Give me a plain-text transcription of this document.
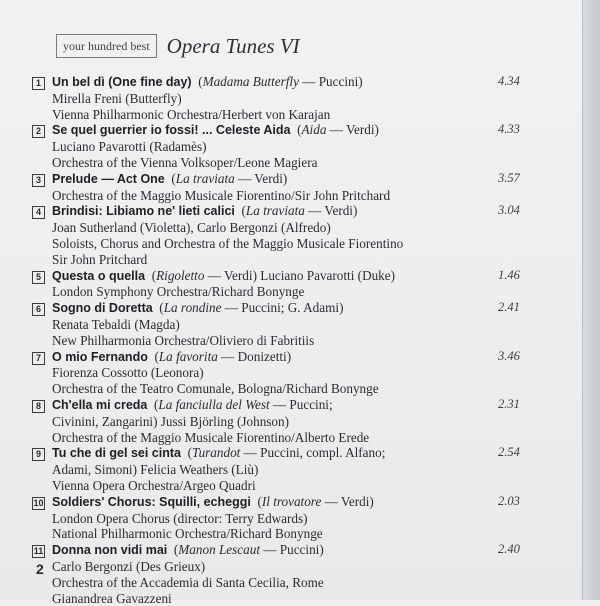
your hundred best Opera Tunes VI
1 Un bel dì (One fine day)  (Madama Butterfly — Puccini)	4.34
Mirella Freni (Butterfly)
Vienna Philharmonic Orchestra/Herbert von Karajan
2 Se quel guerrier io fossi! ... Celeste Aida  (Aida — Verdi)	4.33
Luciano Pavarotti (Radamès)
Orchestra of the Vienna Volksoper/Leone Magiera
3 Prelude — Act One  (La traviata — Verdi)	3.57
Orchestra of the Maggio Musicale Fiorentino/Sir John Pritchard
4 Brindisi: Libiamo ne' lieti calici  (La traviata — Verdi)	3.04
Joan Sutherland (Violetta), Carlo Bergonzi (Alfredo)
Soloists, Chorus and Orchestra of the Maggio Musicale Fiorentino
Sir John Pritchard
5 Questa o quella  (Rigoletto — Verdi) Luciano Pavarotti (Duke)	1.46
London Symphony Orchestra/Richard Bonynge
6 Sogno di Doretta  (La rondine — Puccini; G. Adami)	2.41
Renata Tebaldi (Magda)
New Philharmonia Orchestra/Oliviero di Fabritiis
7 O mio Fernando  (La favorita — Donizetti)	3.46
Fiorenza Cossotto (Leonora)
Orchestra of the Teatro Comunale, Bologna/Richard Bonynge
8 Ch'ella mi creda  (La fanciulla del West — Puccini;	2.31
Civinini, Zangarini) Jussi Björling (Johnson)
Orchestra of the Maggio Musicale Fiorentino/Alberto Erede
9 Tu che di gel sei cinta  (Turandot — Puccini, compl. Alfano;	2.54
Adami, Simoni) Felicia Weathers (Liù)
Vienna Opera Orchestra/Argeo Quadri
10 Soldiers' Chorus: Squilli, echeggi  (Il trovatore — Verdi)	2.03
London Opera Chorus (director: Terry Edwards)
National Philharmonic Orchestra/Richard Bonynge
11 Donna non vidi mai  (Manon Lescaut — Puccini)	2.40
Carlo Bergonzi (Des Grieux)
Orchestra of the Accademia di Santa Cecilia, Rome
Gianandrea Gavazzeni
2
